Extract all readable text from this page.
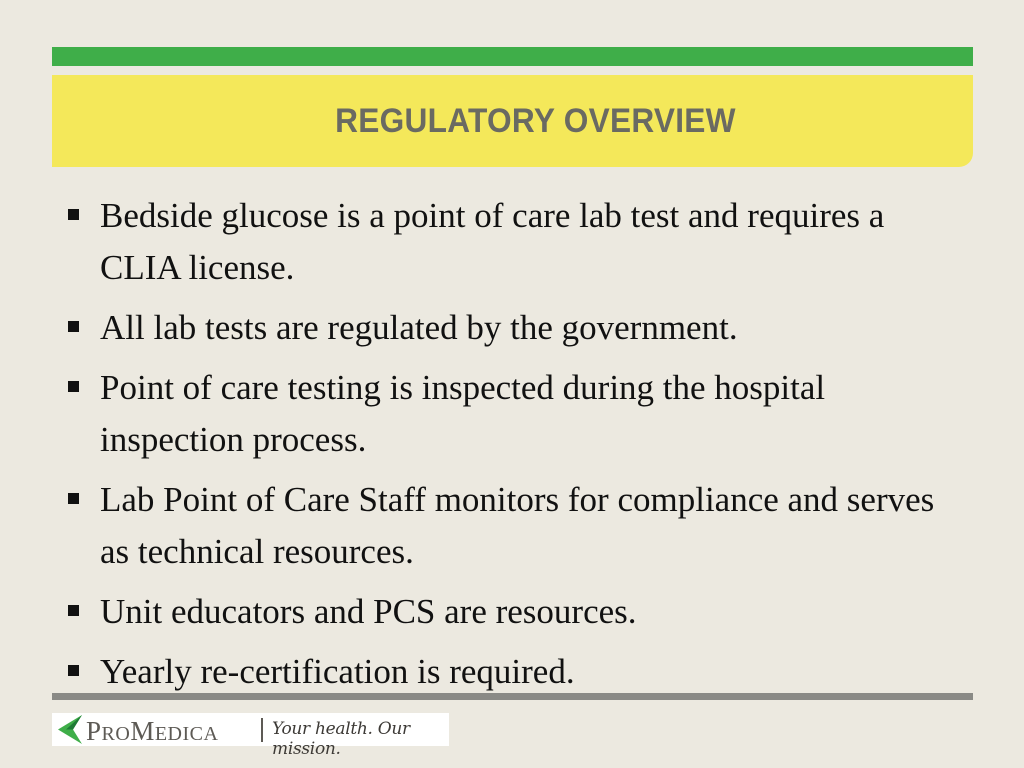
REGULATORY OVERVIEW
Bedside glucose is a point of care lab test and requires a CLIA license.
All lab tests are regulated by the government.
Point of care testing is inspected during the hospital inspection process.
Lab Point of Care Staff monitors for compliance and serves as technical resources.
Unit educators and PCS are resources.
Yearly re-certification is required.
PROMEDICA	Your health. Our mission.
